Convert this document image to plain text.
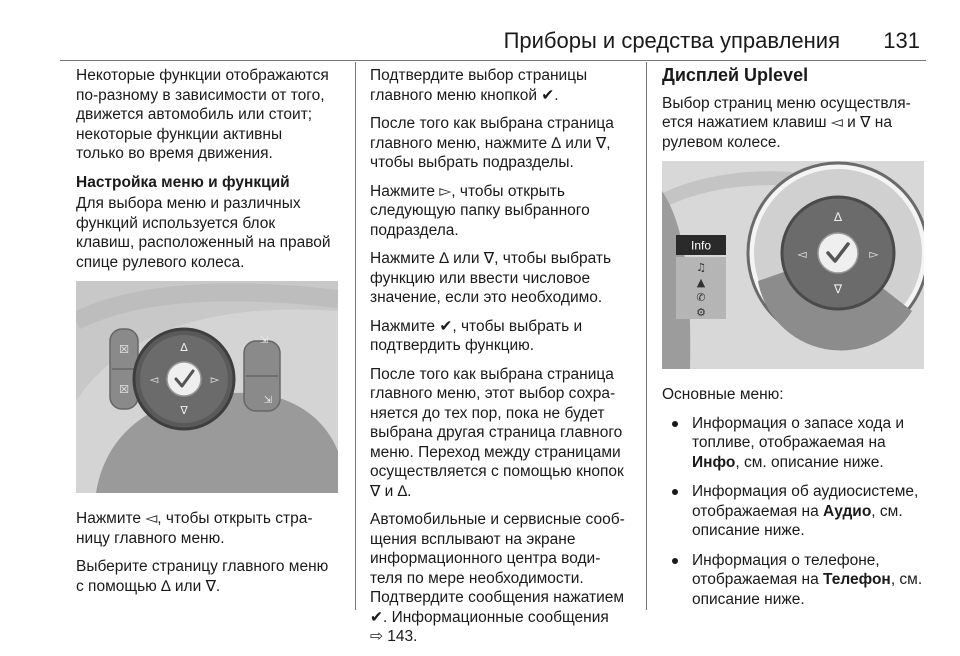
Приборы и средства управления 131

Некоторые функции отображаются
по-разному в зависимости от того,
движется автомобиль или стоит;
некоторые функции активны
только во время движения.

Настройка меню и функций

Для выбора меню и различных
функций используется блок
клавиш, расположенный на правой
спице рулевого колеса.

☒
☒
⇲
⇲
∆
∇
◅	▻

Нажмите ◅, чтобы открыть стра-
ницу главного меню.

Выберите страницу главного меню
с помощью ∆ или ∇.

Подтвердите выбор страницы
главного меню кнопкой ✔.

После того как выбрана страница
главного меню, нажмите ∆ или ∇,
чтобы выбрать подразделы.

Нажмите ▻, чтобы открыть
следующую папку выбранного
подраздела.

Нажмите ∆ или ∇, чтобы выбрать
функцию или ввести числовое
значение, если это необходимо.

Нажмите ✔, чтобы выбрать и
подтвердить функцию.

После того как выбрана страница
главного меню, этот выбор сохра-
няется до тех пор, пока не будет
выбрана другая страница главного
меню. Переход между страницами
осуществляется с помощью кнопок
∇ и ∆.

Автомобильные и сервисные сооб-
щения всплывают на экране
информационного центра води-
теля по мере необходимости.
Подтвердите сообщения нажатием
✔. Информационные сообщения
⇨ 143.

Дисплей Uplevel

Выбор страниц меню осуществля-
ется нажатием клавиш ◅ и ∇ на
рулевом колесе.

Info
♫
▲
✆
⚙
∆
∇
◅	▻

Основные меню:

Информация о запасе хода и
топливе, отображаемая на
Инфо, см. описание ниже.
Информация об аудиосистеме,
отображаемая на Аудио, см.
описание ниже.
Информация о телефоне,
отображаемая на Телефон, см.
описание ниже.
